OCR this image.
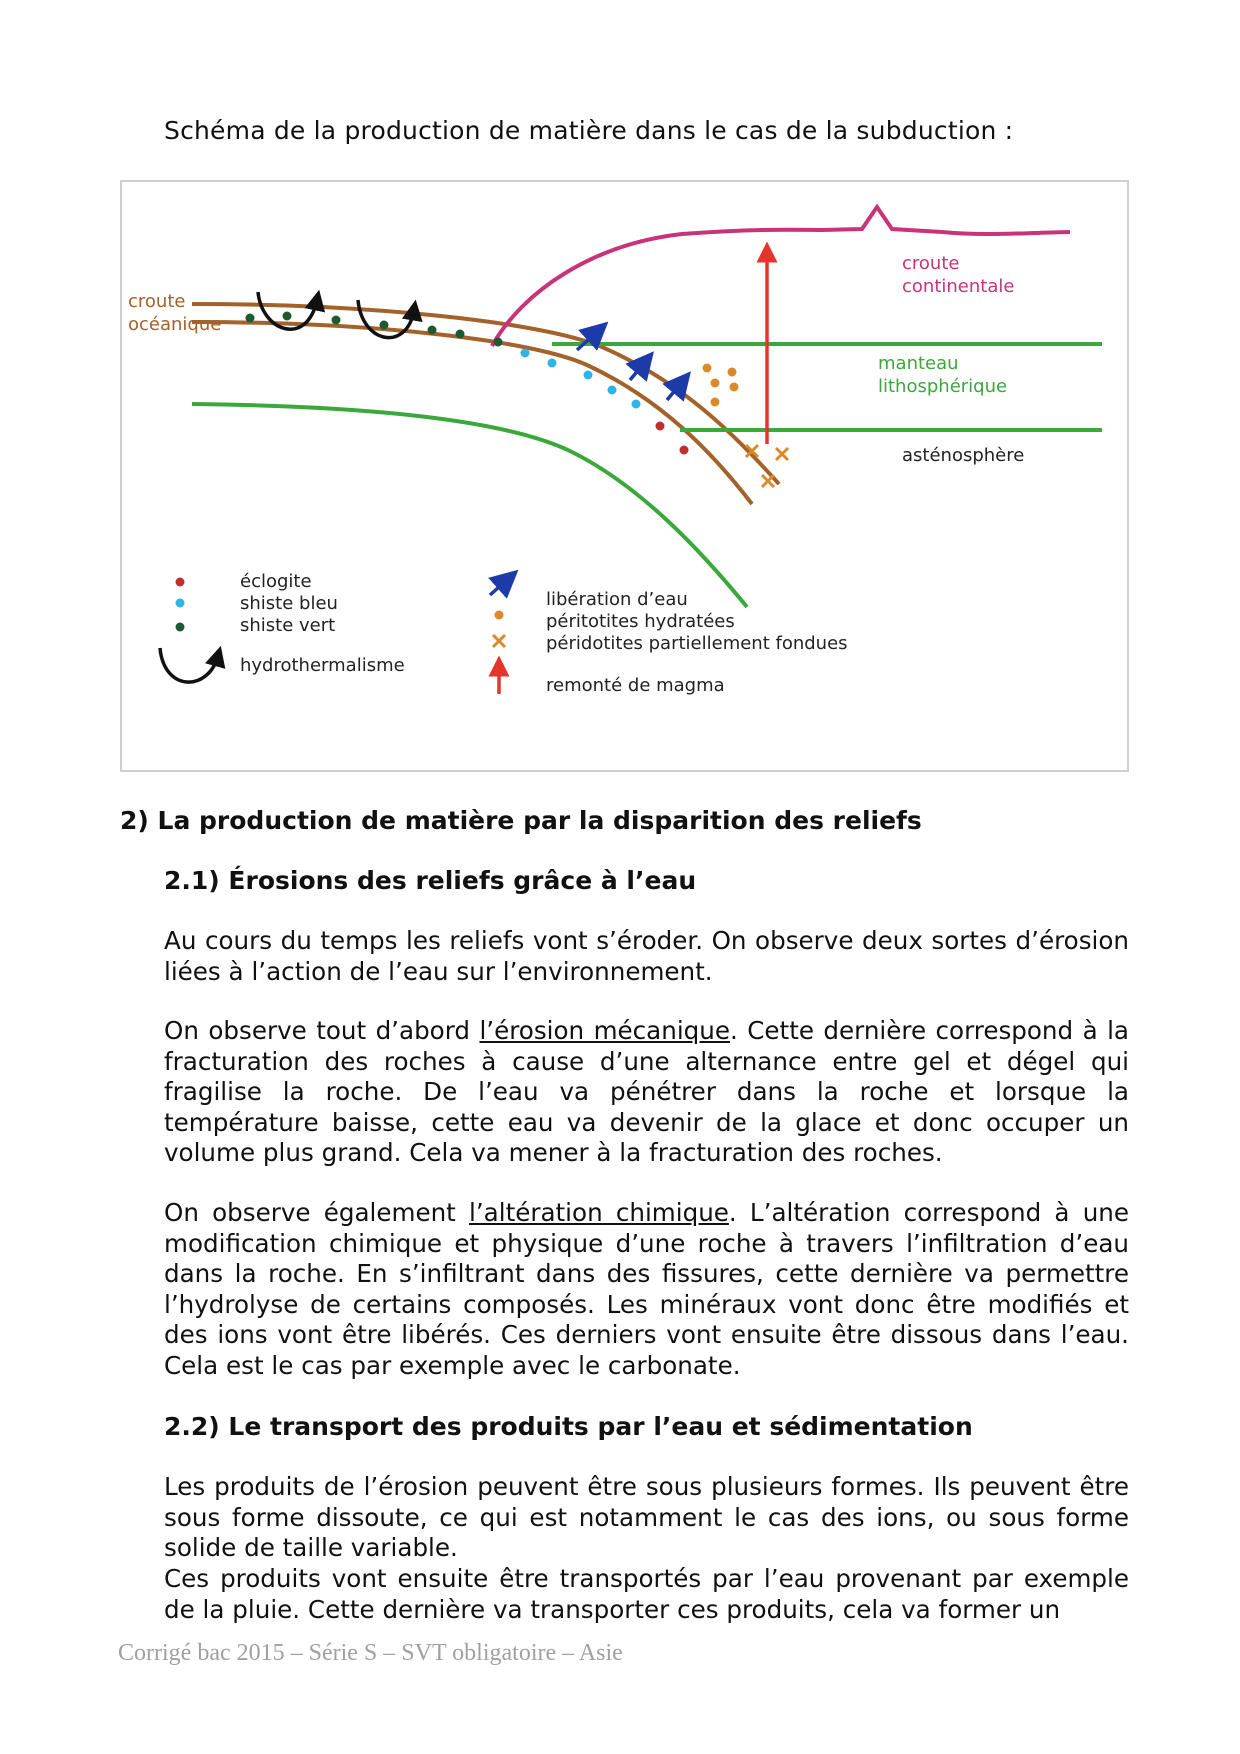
Schéma de la production de matière dans le cas de la subduction :
croute
océanique
croute
continentale
manteau
lithosphérique
asténosphère
éclogite
shiste bleu
shiste vert
hydrothermalisme
libération d’eau
péritotites hydratées
péridotites partiellement fondues
remonté de magma
2) La production de matière par la disparition des reliefs
2.1) Érosions des reliefs grâce à l’eau

Au cours du temps les reliefs vont s’éroder. On observe deux sortes d’érosion liées à l’action de l’eau sur l’environnement.

On observe tout d’abord l’érosion mécanique. Cette dernière correspond à la fracturation des roches à cause d’une alternance entre gel et dégel qui fragilise la roche. De l’eau va pénétrer dans la roche et lorsque la température baisse, cette eau va devenir de la glace et donc occuper un volume plus grand. Cela va mener à la fracturation des roches.

On observe également l’altération chimique. L’altération correspond à une modification chimique et physique d’une roche à travers l’infiltration d’eau dans la roche. En s’infiltrant dans des fissures, cette dernière va permettre l’hydrolyse de certains composés. Les minéraux vont donc être modifiés et des ions vont être libérés. Ces derniers vont ensuite être dissous dans l’eau. Cela est le cas par exemple avec le carbonate.

2.2) Le transport des produits par l’eau et sédimentation

Les produits de l’érosion peuvent être sous plusieurs formes. Ils peuvent être sous forme dissoute, ce qui est notamment le cas des ions, ou sous forme solide de taille variable.

Ces produits vont ensuite être transportés par l’eau provenant par exemple de la pluie. Cette dernière va transporter ces produits, cela va former un

Corrigé bac 2015 – Série S – SVT obligatoire – Asie
